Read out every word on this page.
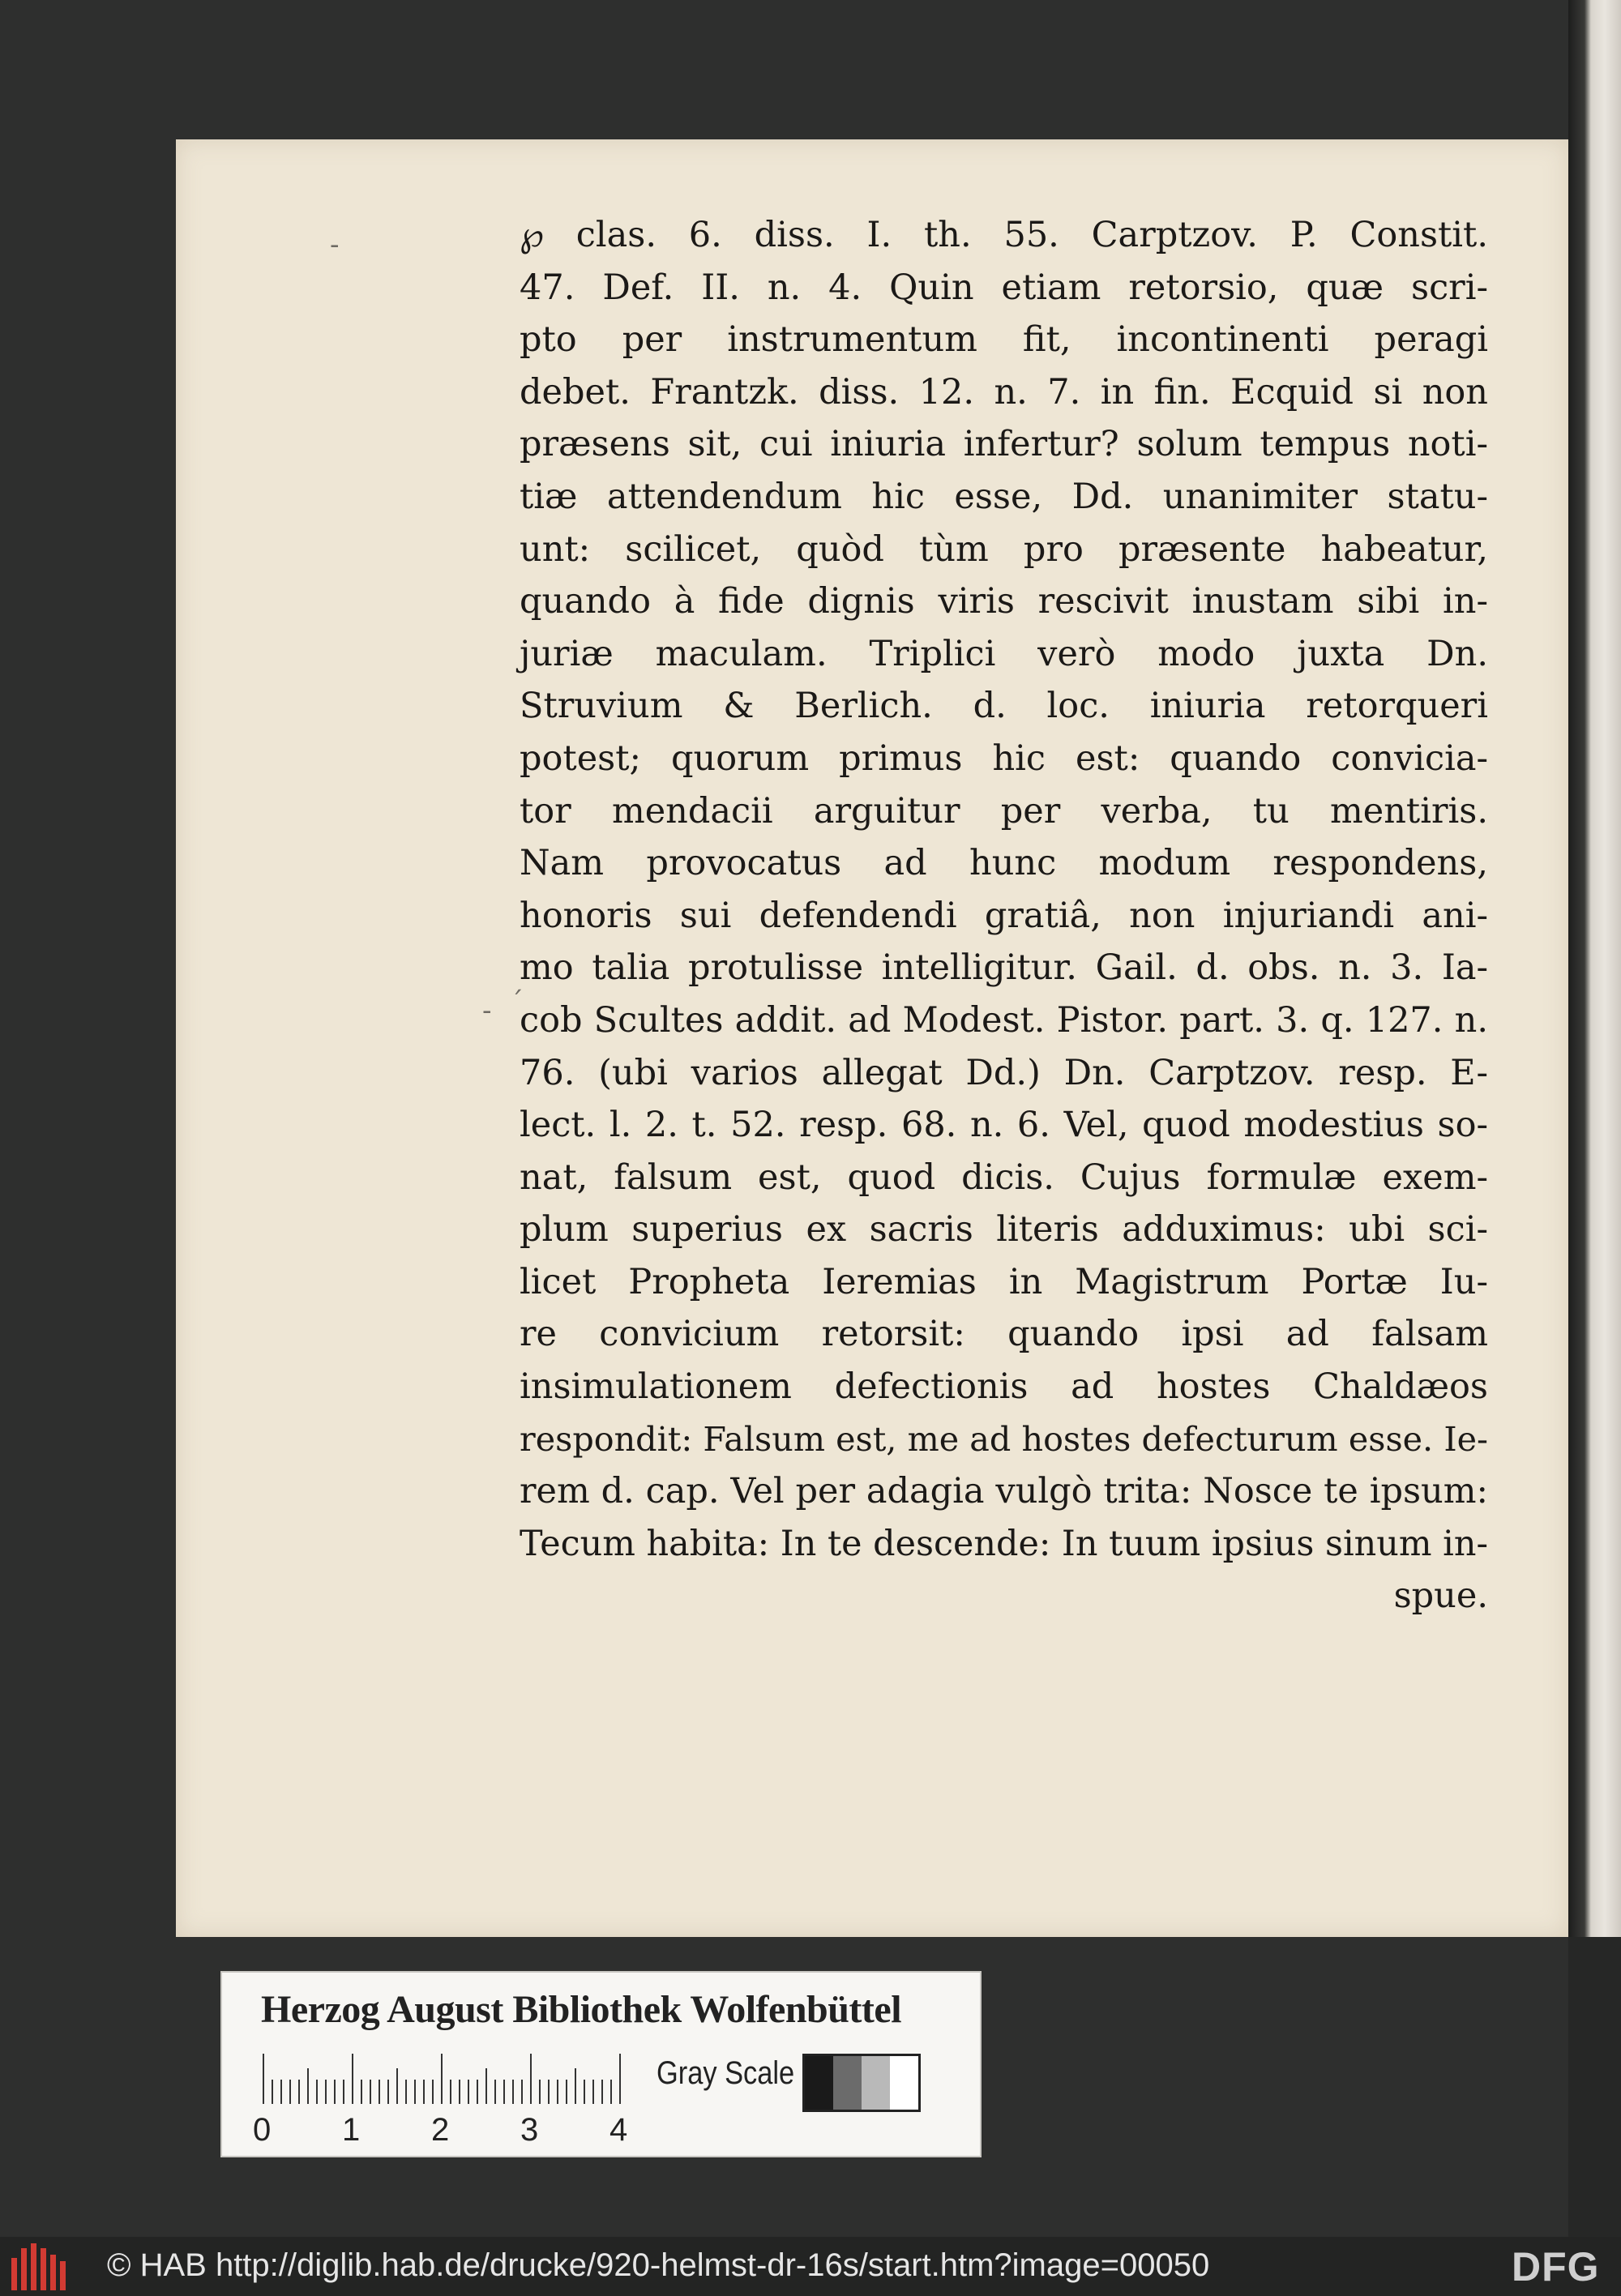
-
- ´
℘ clas. 6. diss. I. th. 55. Carptzov. P. Constit.
47. Def. II. n. 4. Quin etiam retorsio, quæ scri-
pto per instrumentum fit, incontinenti peragi
debet. Frantzk. diss. 12. n. 7. in fin. Ecquid si non
præsens sit, cui iniuria infertur? solum tempus noti-
tiæ attendendum hic esse, Dd. unanimiter statu-
unt: scilicet, quòd tùm pro præsente habeatur,
quando à fide dignis viris rescivit inustam sibi in-
juriæ maculam. Triplici verò modo juxta Dn.
Struvium & Berlich. d. loc. iniuria retorqueri
potest; quorum primus hic est: quando convicia-
tor mendacii arguitur per verba, tu mentiris.
Nam provocatus ad hunc modum respondens,
honoris sui defendendi gratiâ, non injuriandi ani-
mo talia protulisse intelligitur. Gail. d. obs. n. 3. Ia-
cob Scultes addit. ad Modest. Pistor. part. 3. q. 127. n.
76. (ubi varios allegat Dd.) Dn. Carptzov. resp. E-
lect. l. 2. t. 52. resp. 68. n. 6. Vel, quod modestius so-
nat, falsum est, quod dicis. Cujus formulæ exem-
plum superius ex sacris literis adduximus: ubi sci-
licet Propheta Ieremias in Magistrum Portæ Iu-
re convicium retorsit: quando ipsi ad falsam
insimulationem defectionis ad hostes Chaldæos
respondit: Falsum est, me ad hostes defecturum esse. Ie-
rem d. cap. Vel per adagia vulgò trita: Nosce te ipsum:
Tecum habita: In te descende: In tuum ipsius sinum in-
spue.
Herzog August Bibliothek Wolfenbüttel
0 1 2 3 4
Gray Scale
© HAB http://diglib.hab.de/drucke/920-helmst-dr-16s/start.htm?image=00050	DFG
